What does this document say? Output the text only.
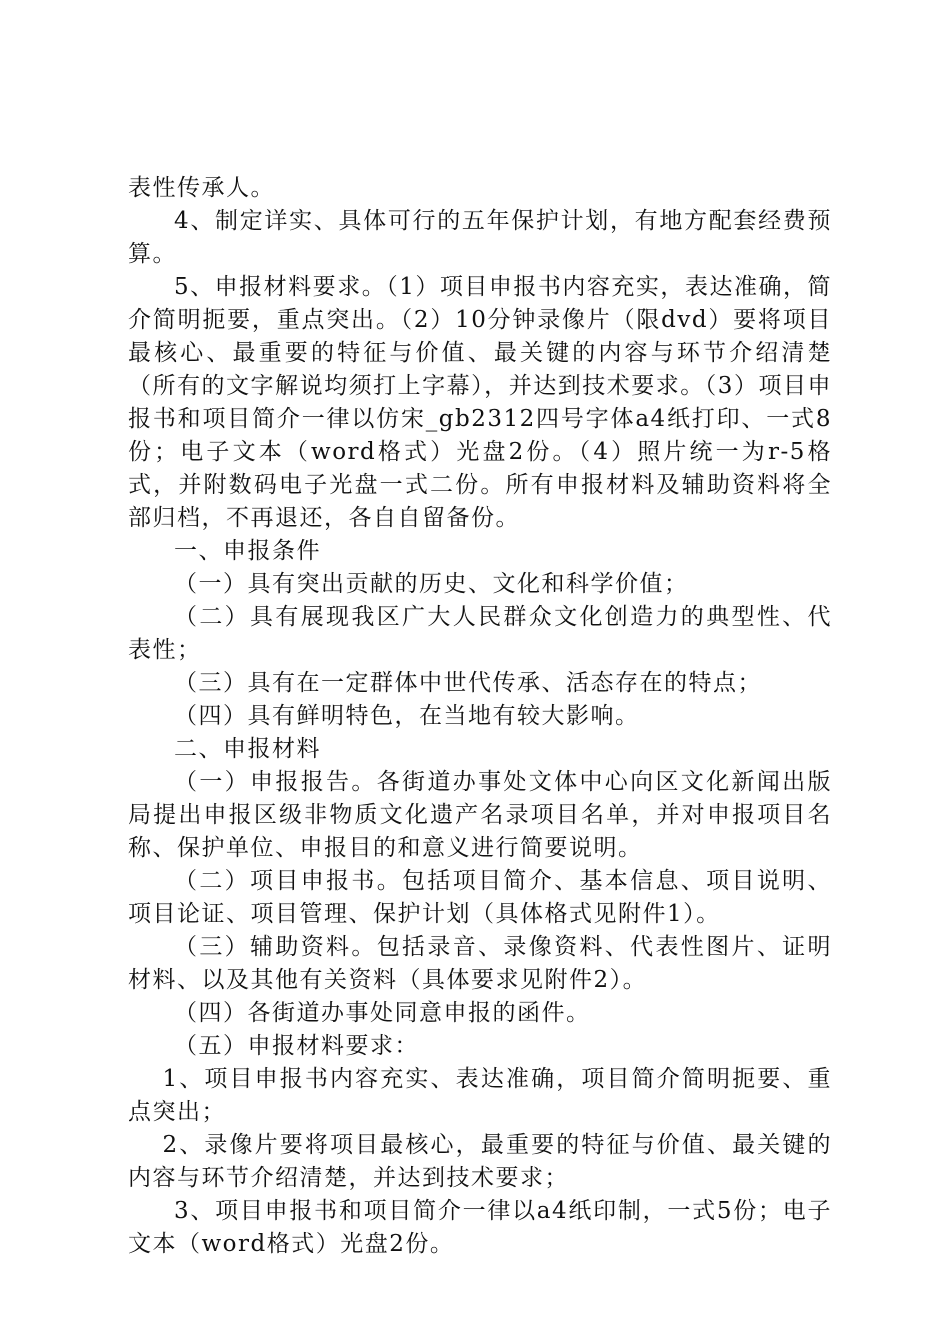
表性传承人。

4、制定详实、具体可行的五年保护计划，有地方配套经费预算。

5、申报材料要求。（1）项目申报书内容充实，表达准确，简介简明扼要，重点突出。（2）10分钟录像片（限dvd）要将项目最核心、最重要的特征与价值、最关键的内容与环节介绍清楚（所有的文字解说均须打上字幕），并达到技术要求。（3）项目申报书和项目简介一律以仿宋_gb2312四号字体a4纸打印、一式8份；电子文本（word格式）光盘2份。（4）照片统一为r-5格式，并附数码电子光盘一式二份。所有申报材料及辅助资料将全部归档，不再退还，各自自留备份。

一、申报条件

（一）具有突出贡献的历史、文化和科学价值；

（二）具有展现我区广大人民群众文化创造力的典型性、代表性；

（三）具有在一定群体中世代传承、活态存在的特点；

（四）具有鲜明特色，在当地有较大影响。

二、申报材料

（一）申报报告。各街道办事处文体中心向区文化新闻出版局提出申报区级非物质文化遗产名录项目名单，并对申报项目名称、保护单位、申报目的和意义进行简要说明。

（二）项目申报书。包括项目简介、基本信息、项目说明、项目论证、项目管理、保护计划（具体格式见附件1）。

（三）辅助资料。包括录音、录像资料、代表性图片、证明材料、以及其他有关资料（具体要求见附件2）。

（四）各街道办事处同意申报的函件。

（五）申报材料要求：

1、项目申报书内容充实、表达准确，项目简介简明扼要、重点突出；

2、录像片要将项目最核心，最重要的特征与价值、最关键的内容与环节介绍清楚，并达到技术要求；

3、项目申报书和项目简介一律以a4纸印制，一式5份；电子文本（word格式）光盘2份。
